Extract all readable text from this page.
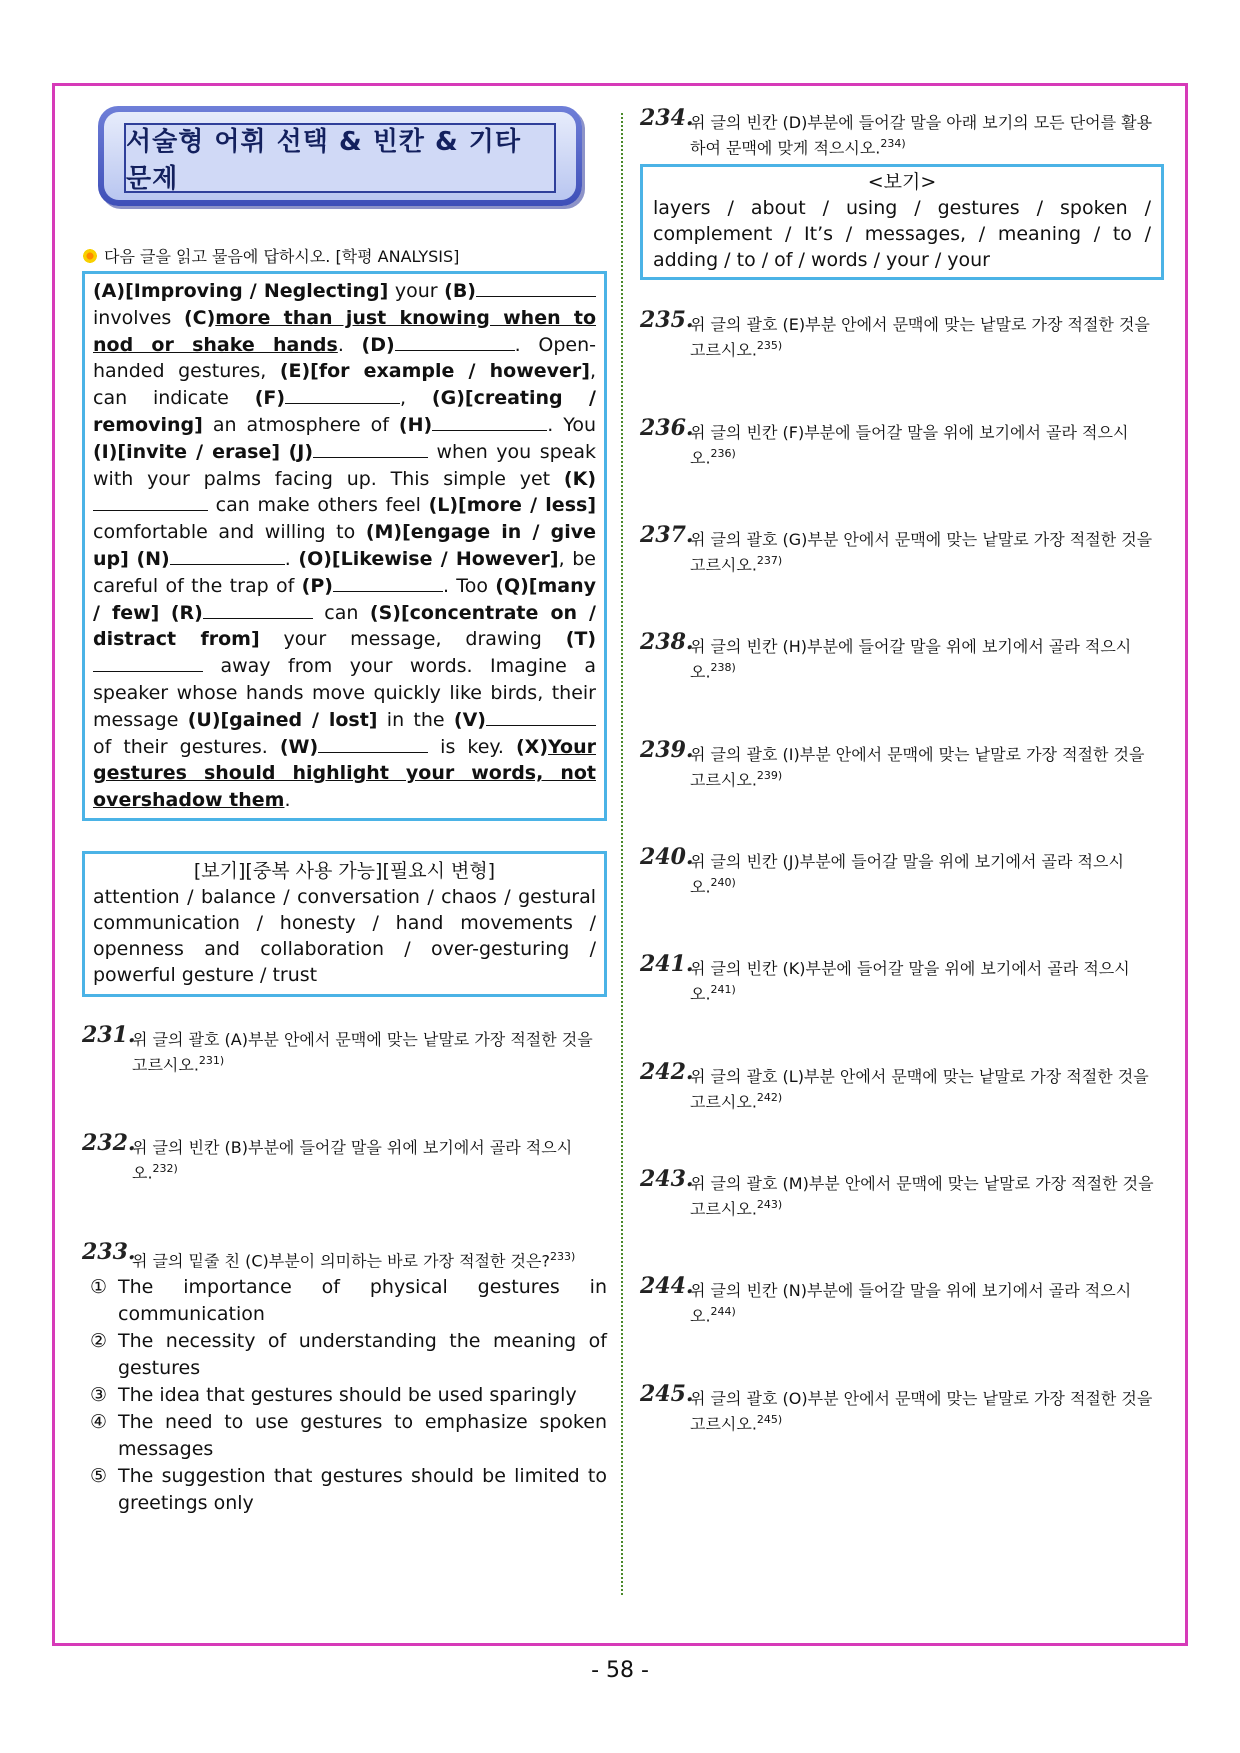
서술형 어휘 선택 & 빈칸 & 기타 문제
다음 글을 읽고 물음에 답하시오. [학평 ANALYSIS]
(A)[Improving / Neglecting] your (B) involves (C)more than just knowing when to nod or shake hands. (D)	. Open-handed gestures, (E)[for example / however], can indicate (F)	, (G)[creating / removing] an atmosphere of (H)	. You (I)[invite / erase] (J)	when you speak with your palms facing up. This simple yet (K) can make others feel (L)[more / less] comfortable and willing to (M)[engage in / give up] (N)	. (O)[Likewise / However], be careful of the trap of (P)	. Too (Q)[many / few] (R)	can (S)[concentrate on / distract from] your message, drawing (T) away from your words. Imagine a speaker whose hands move quickly like birds, their message (U)[gained / lost] in the (V) of their gestures. (W)	is key. (X)Your gestures should highlight your words, not overshadow them.
[보기][중복 사용 가능][필요시 변형]
attention / balance / conversation / chaos / gestural communication / honesty / hand movements / openness and collaboration / over-gesturing / powerful gesture / trust
231.
위 글의 괄호 (A)부분 안에서 문맥에 맞는 낱말로 가장 적절한 것을 고르시오.$^{231)}$
232.
위 글의 빈칸 (B)부분에 들어갈 말을 위에 보기에서 골라 적으시오.$^{232)}$
233.
위 글의 밑줄 친 (C)부분이 의미하는 바로 가장 적절한 것은?$^{233)}$
① The importance of physical gestures in communication
② The necessity of understanding the meaning of gestures
③ The idea that gestures should be used sparingly
④ The need to use gestures to emphasize spoken messages
⑤ The suggestion that gestures should be limited to greetings only
234.
위 글의 빈칸 (D)부분에 들어갈 말을 아래 보기의 모든 단어를 활용하여 문맥에 맞게 적으시오.$^{234)}$
<보기>
layers / about / using / gestures / spoken / complement / It’s / messages, / meaning / to / adding / to / of / words / your / your
235.
위 글의 괄호 (E)부분 안에서 문맥에 맞는 낱말로 가장 적절한 것을 고르시오.$^{235)}$
236.
위 글의 빈칸 (F)부분에 들어갈 말을 위에 보기에서 골라 적으시오.$^{236)}$
237.
위 글의 괄호 (G)부분 안에서 문맥에 맞는 낱말로 가장 적절한 것을 고르시오.$^{237)}$
238.
위 글의 빈칸 (H)부분에 들어갈 말을 위에 보기에서 골라 적으시오.$^{238)}$
239.
위 글의 괄호 (I)부분 안에서 문맥에 맞는 낱말로 가장 적절한 것을 고르시오.$^{239)}$
240.
위 글의 빈칸 (J)부분에 들어갈 말을 위에 보기에서 골라 적으시오.$^{240)}$
241.
위 글의 빈칸 (K)부분에 들어갈 말을 위에 보기에서 골라 적으시오.$^{241)}$
242.
위 글의 괄호 (L)부분 안에서 문맥에 맞는 낱말로 가장 적절한 것을 고르시오.$^{242)}$
243.
위 글의 괄호 (M)부분 안에서 문맥에 맞는 낱말로 가장 적절한 것을 고르시오.$^{243)}$
244.
위 글의 빈칸 (N)부분에 들어갈 말을 위에 보기에서 골라 적으시오.$^{244)}$
245.
위 글의 괄호 (O)부분 안에서 문맥에 맞는 낱말로 가장 적절한 것을 고르시오.$^{245)}$
- 58 -
